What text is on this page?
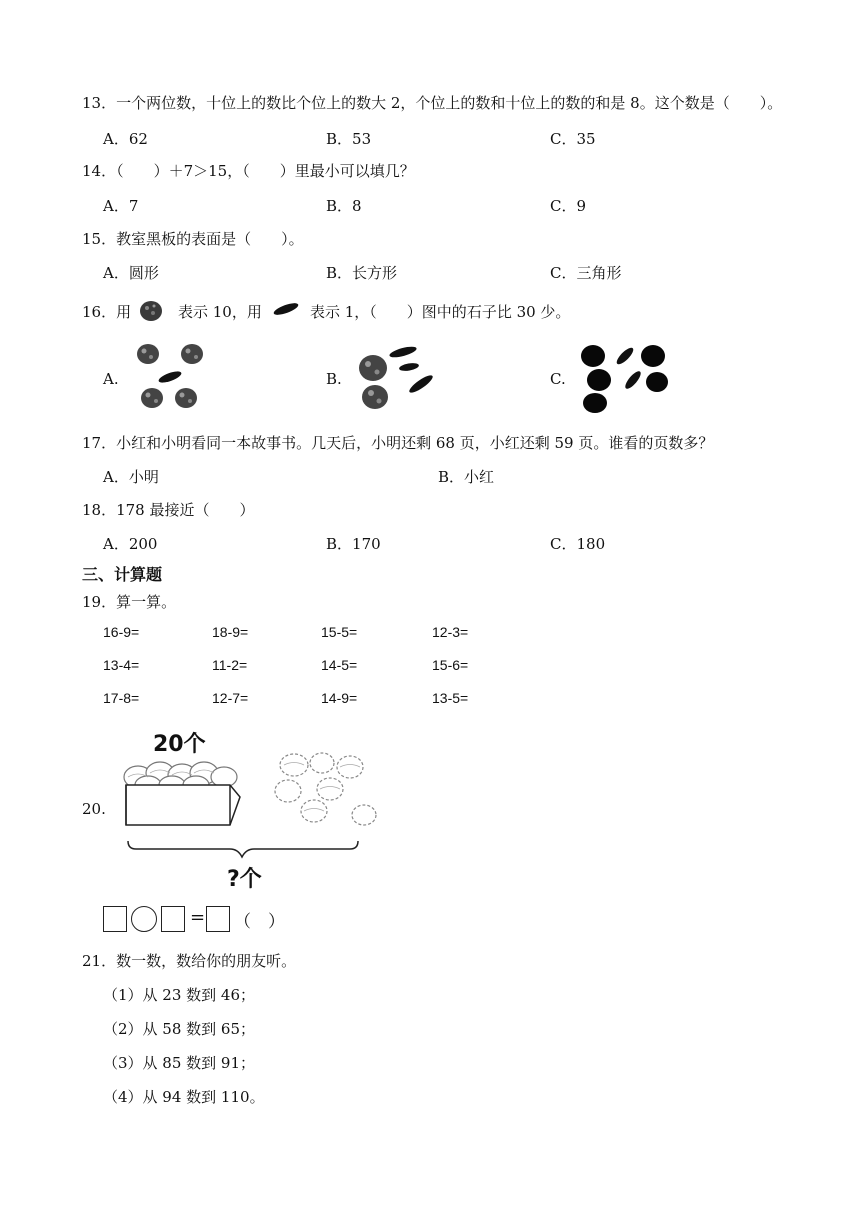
13．一个两位数，十位上的数比个位上的数大 2，个位上的数和十位上的数的和是 8。这个数是（　　）。
A．62	B．53	C．35
14．（　　）＋7＞15，（　　）里最小可以填几？
A．7	B．8	C．9
15．教室黑板的表面是（　　）。
A．圆形	B．长方形	C．三角形
16．用	表示 10，用	表示 1，（　　）图中的石子比 30 少。
A.	B.	C.
17．小红和小明看同一本故事书。几天后，小明还剩 68 页，小红还剩 59 页。谁看的页数多？
A．小明	B．小红
18．178 最接近（　　）
A．200	B．170	C．180
三、计算题
19．算一算。
16-9=	18-9=	15-5=	12-3=
13-4=	11-2=	14-5=	15-6=
17-8=	12-7=	14-9=	13-5=
20.
20个
?个
= （　）
21．数一数，数给你的朋友听。
（1）从 23 数到 46；
（2）从 58 数到 65；
（3）从 85 数到 91；
（4）从 94 数到 110。
